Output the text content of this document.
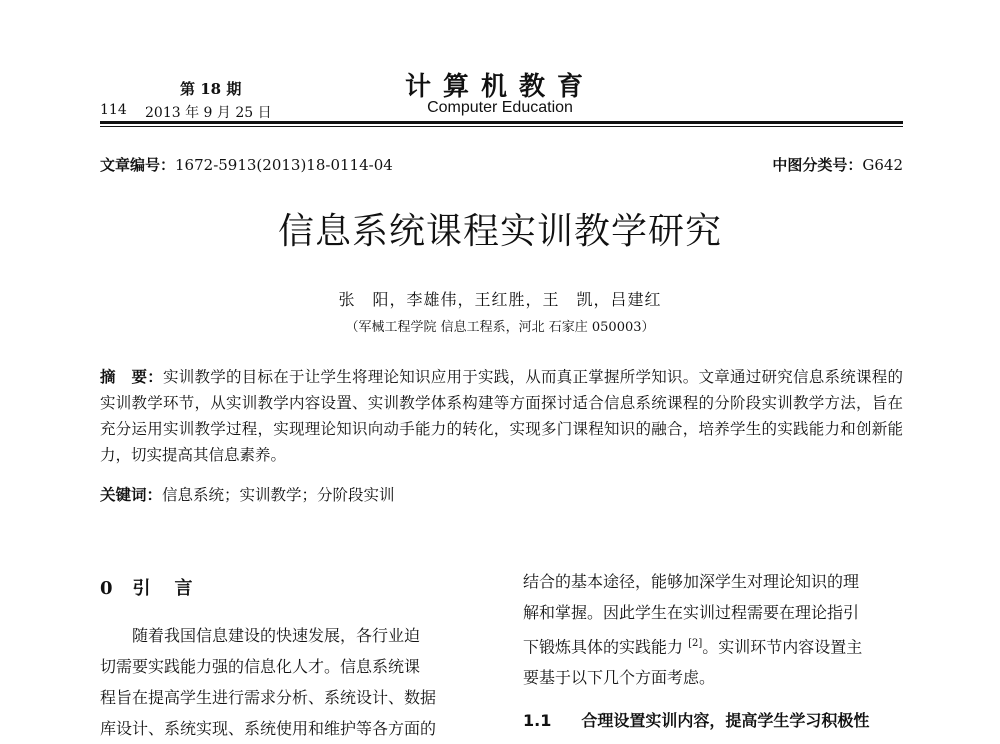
第 18 期
114 2013 年 9 月 25 日
计算机教育
Computer Education
文章编号：1672-5913(2013)18-0114-04	中图分类号：G642
信息系统课程实训教学研究
张　阳，李雄伟，王红胜，王　凯，吕建红
（军械工程学院 信息工程系，河北 石家庄 050003）
摘　要：实训教学的目标在于让学生将理论知识应用于实践，从而真正掌握所学知识。文章通过研究信息系统课程的实训教学环节，从实训教学内容设置、实训教学体系构建等方面探讨适合信息系统课程的分阶段实训教学方法，旨在充分运用实训教学过程，实现理论知识向动手能力的转化，实现多门课程知识的融合，培养学生的实践能力和创新能力，切实提高其信息素养。
关键词：信息系统；实训教学；分阶段实训
0 引言

随着我国信息建设的快速发展，各行业迫

切需要实践能力强的信息化人才。信息系统课

程旨在提高学生进行需求分析、系统设计、数据

库设计、系统实现、系统使用和维护等各方面的

结合的基本途径，能够加深学生对理论知识的理

解和掌握。因此学生在实训过程需要在理论指引

下锻炼具体的实践能力 [2]。实训环节内容设置主

要基于以下几个方面考虑。

1.1 合理设置实训内容，提高学生学习积极性
